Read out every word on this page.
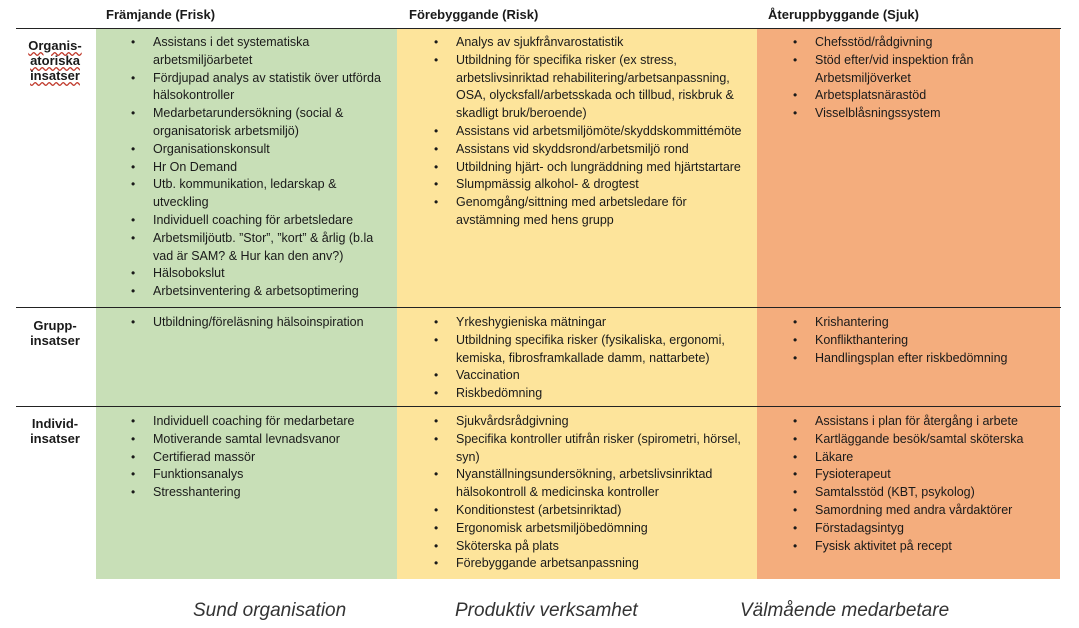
Främjande (Frisk)	Förebyggande (Risk)	Återuppbyggande (Sjuk)
Organis-
atoriska
insatser
Grupp-
insatser
Individ-
insatser
• Assistans i det systematiska arbetsmiljöarbetet
• Fördjupad analys av statistik över utförda hälsokontroller
• Medarbetarundersökning (social & organisatorisk arbetsmiljö)
• Organisationskonsult
• Hr On Demand
• Utb. kommunikation, ledarskap & utveckling
• Individuell coaching för arbetsledare
• Arbetsmiljöutb. ”Stor”, ”kort” & årlig (b.la vad är SAM? & Hur kan den anv?)
• Hälsobokslut
• Arbetsinventering & arbetsoptimering
• Analys av sjukfrånvarostatistik
• Utbildning för specifika risker (ex stress, arbetslivsinriktad rehabilitering/arbetsanpassning, OSA, olycksfall/arbetsskada och tillbud, riskbruk & skadligt bruk/beroende)
• Assistans vid arbetsmiljömöte/skyddskommittémöte
• Assistans vid skyddsrond/arbetsmiljö rond
• Utbildning hjärt- och lungräddning med hjärtstartare
• Slumpmässig alkohol- & drogtest
• Genomgång/sittning med arbetsledare för avstämning med hens grupp
• Chefsstöd/rådgivning
• Stöd efter/vid inspektion från Arbetsmiljöverket
• Arbetsplatsnärastöd
• Visselblåsningssystem
• Utbildning/föreläsning hälsoinspiration
•	Yrkeshygieniska mätningar
• Utbildning specifika risker (fysikaliska, ergonomi, kemiska, fibrosframkallade damm, nattarbete)
• Vaccination
• Riskbedömning
• Krishantering
• Konflikthantering
• Handlingsplan efter riskbedömning
• Individuell coaching för medarbetare
• Motiverande samtal levnadsvanor
• Certifierad massör
• Funktionsanalys
• Stresshantering
• Sjukvårdsrådgivning
• Specifika kontroller utifrån risker (spirometri, hörsel, syn)
• Nyanställningsundersökning, arbetslivsinriktad hälsokontroll & medicinska kontroller
• Konditionstest (arbetsinriktad)
• Ergonomisk arbetsmiljöbedömning
• Sköterska på plats
• Förebyggande arbetsanpassning
• Assistans i plan för återgång i arbete
• Kartläggande besök/samtal sköterska
• Läkare
• Fysioterapeut
• Samtalsstöd (KBT, psykolog)
• Samordning med andra vårdaktörer
• Förstadagsintyg
• Fysisk aktivitet på recept
Sund organisation	Produktiv verksamhet	Välmående medarbetare
